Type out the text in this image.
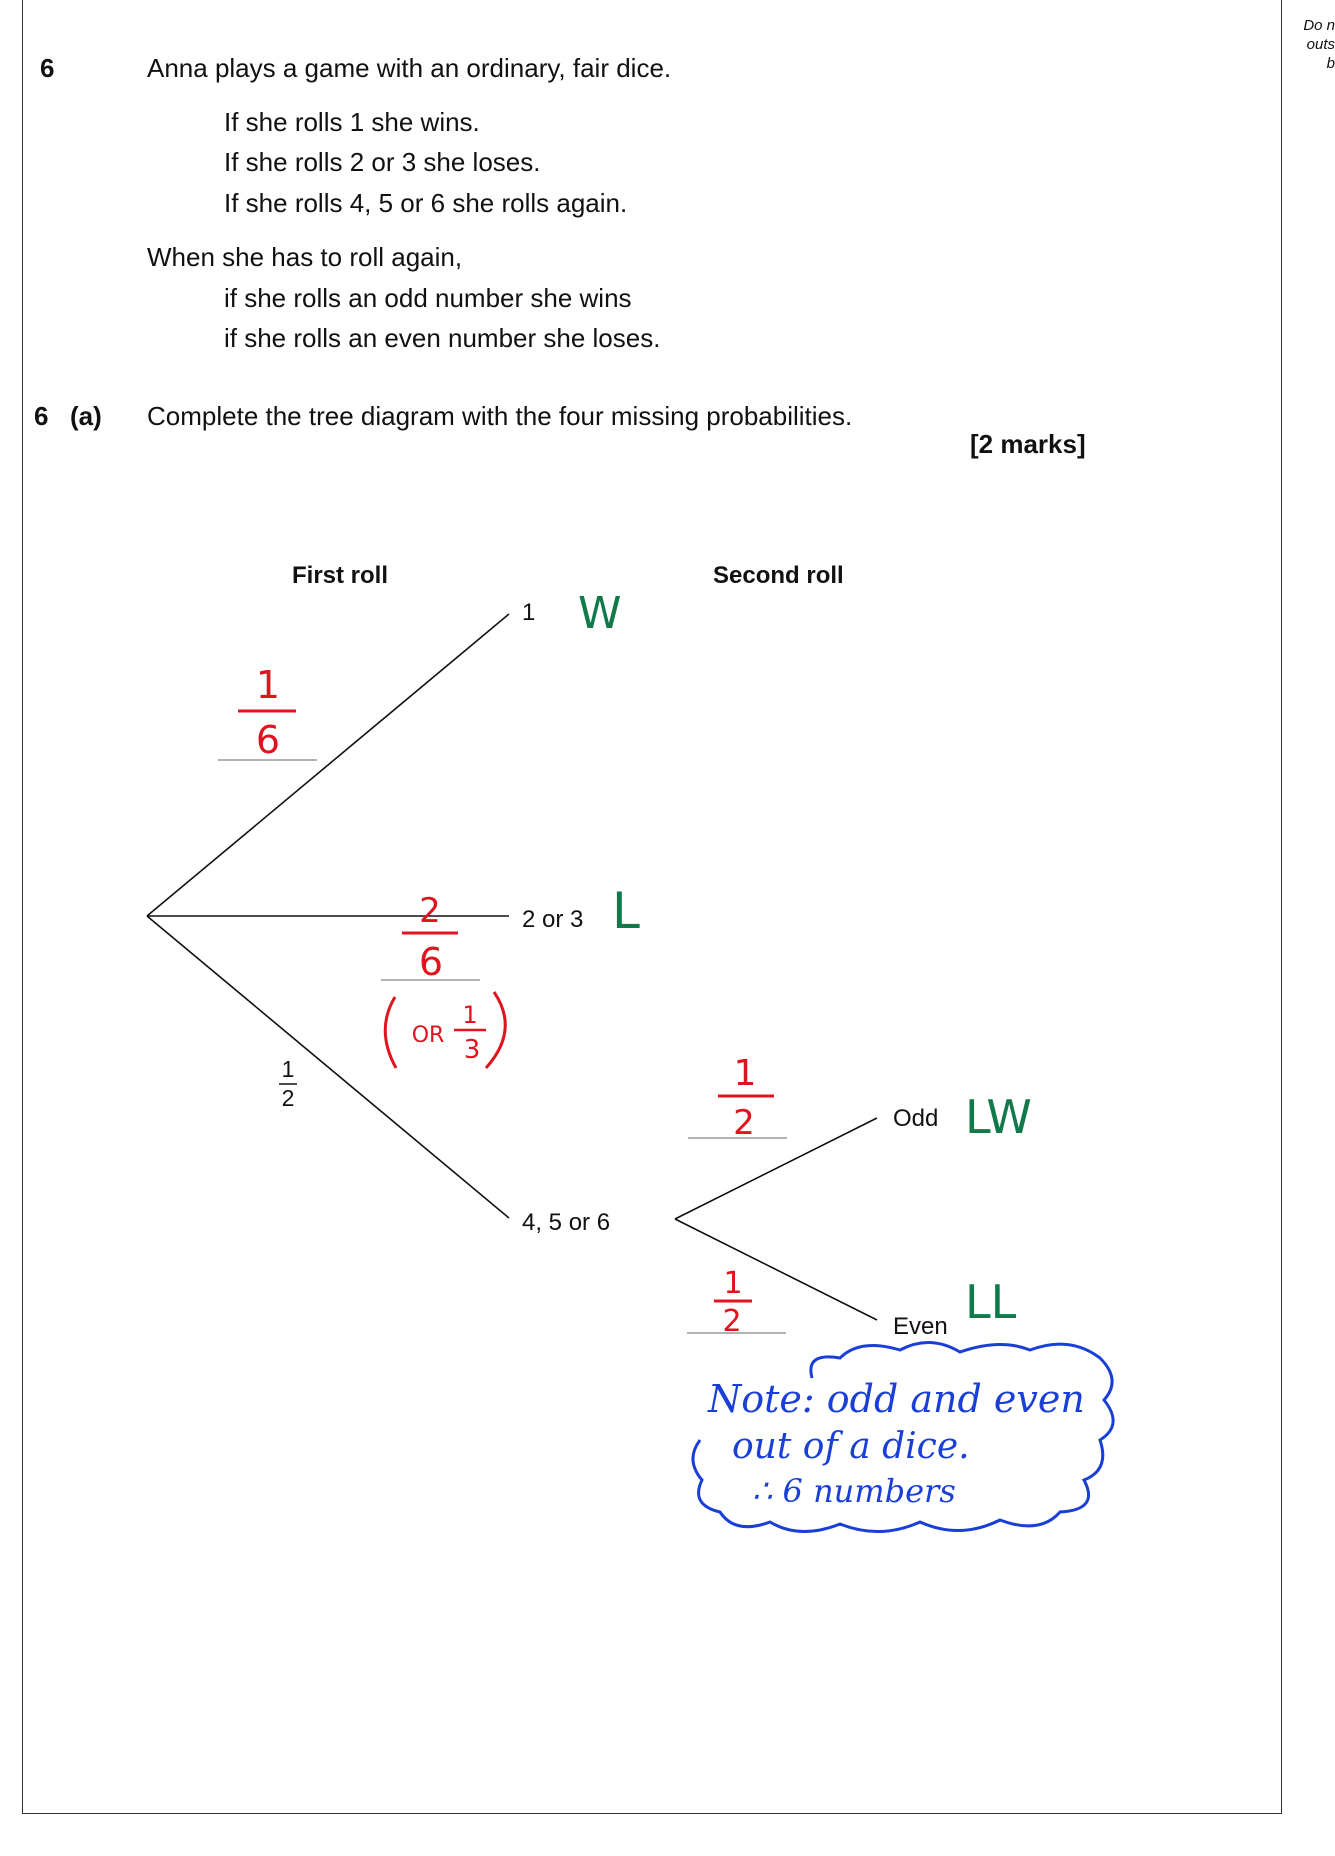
Do n
outs
b
6	Anna plays a game with an ordinary, fair dice.
If she rolls 1 she wins.
If she rolls 2 or 3 she loses.
If she rolls 4, 5 or 6 she rolls again.
When she has to roll again,
if she rolls an odd number she wins
if she rolls an even number she loses.
6 (a) Complete the tree diagram with the four missing probabilities.
[2 marks]
First roll	Second roll
1
2 or 3
4, 5 or 6
Odd
Even
1
2
1
6
2
6
OR
1
3
1
2
1
2
W
L
LW
LL
Note: odd and even
out of a dice.
∴ 6 numbers
